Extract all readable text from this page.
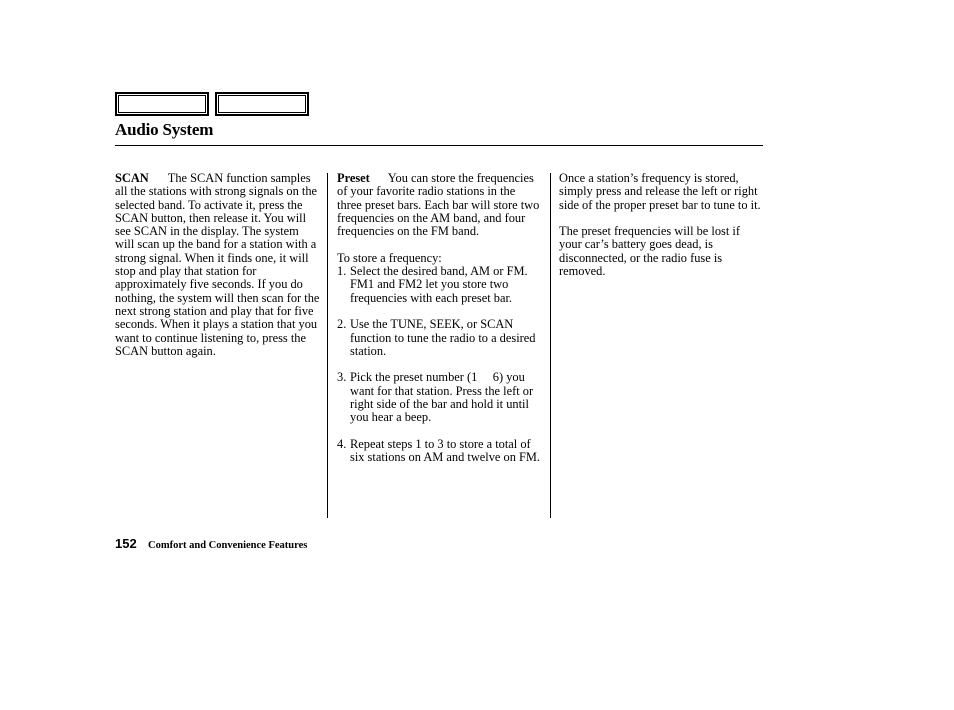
Audio System

SCAN The SCAN function samples all the stations with strong signals on the selected band. To activate it, press the SCAN button, then release it. You will see SCAN in the display. The system will scan up the band for a station with a strong signal. When it finds one, it will stop and play that station for approximately five seconds. If you do nothing, the system will then scan for the next strong station and play that for five seconds. When it plays a station that you want to continue listening to, press the SCAN button again.

Preset You can store the frequencies of your favorite radio stations in the three preset bars. Each bar will store two frequencies on the AM band, and four frequencies on the FM band.

To store a frequency:
1. Select the desired band, AM or FM. FM1 and FM2 let you store two frequencies with each preset bar.
2. Use the TUNE, SEEK, or SCAN function to tune the radio to a desired station.
3. Pick the preset number (1     6) you want for that station. Press the left or right side of the bar and hold it until you hear a beep.
4. Repeat steps 1 to 3 to store a total of six stations on AM and twelve on FM.

Once a station’s frequency is stored, simply press and release the left or right side of the proper preset bar to tune to it.

The preset frequencies will be lost if your car’s battery goes dead, is disconnected, or the radio fuse is removed.

152 Comfort and Convenience Features
